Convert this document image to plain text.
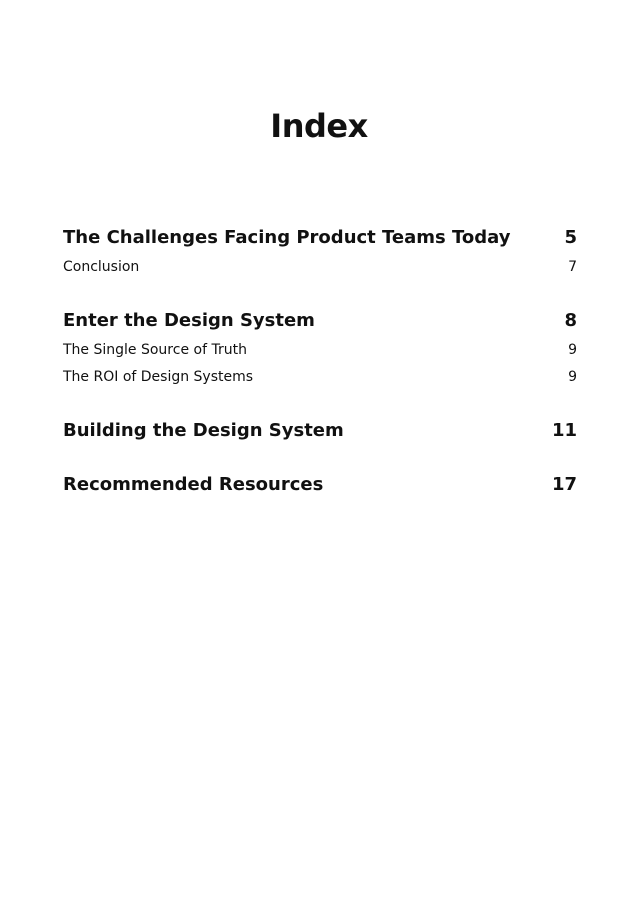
Index
The Challenges Facing Product Teams Today	5
Conclusion	7
Enter the Design System	8
The Single Source of Truth	9
The ROI of Design Systems	9
Building the Design System	11
Recommended Resources	17
